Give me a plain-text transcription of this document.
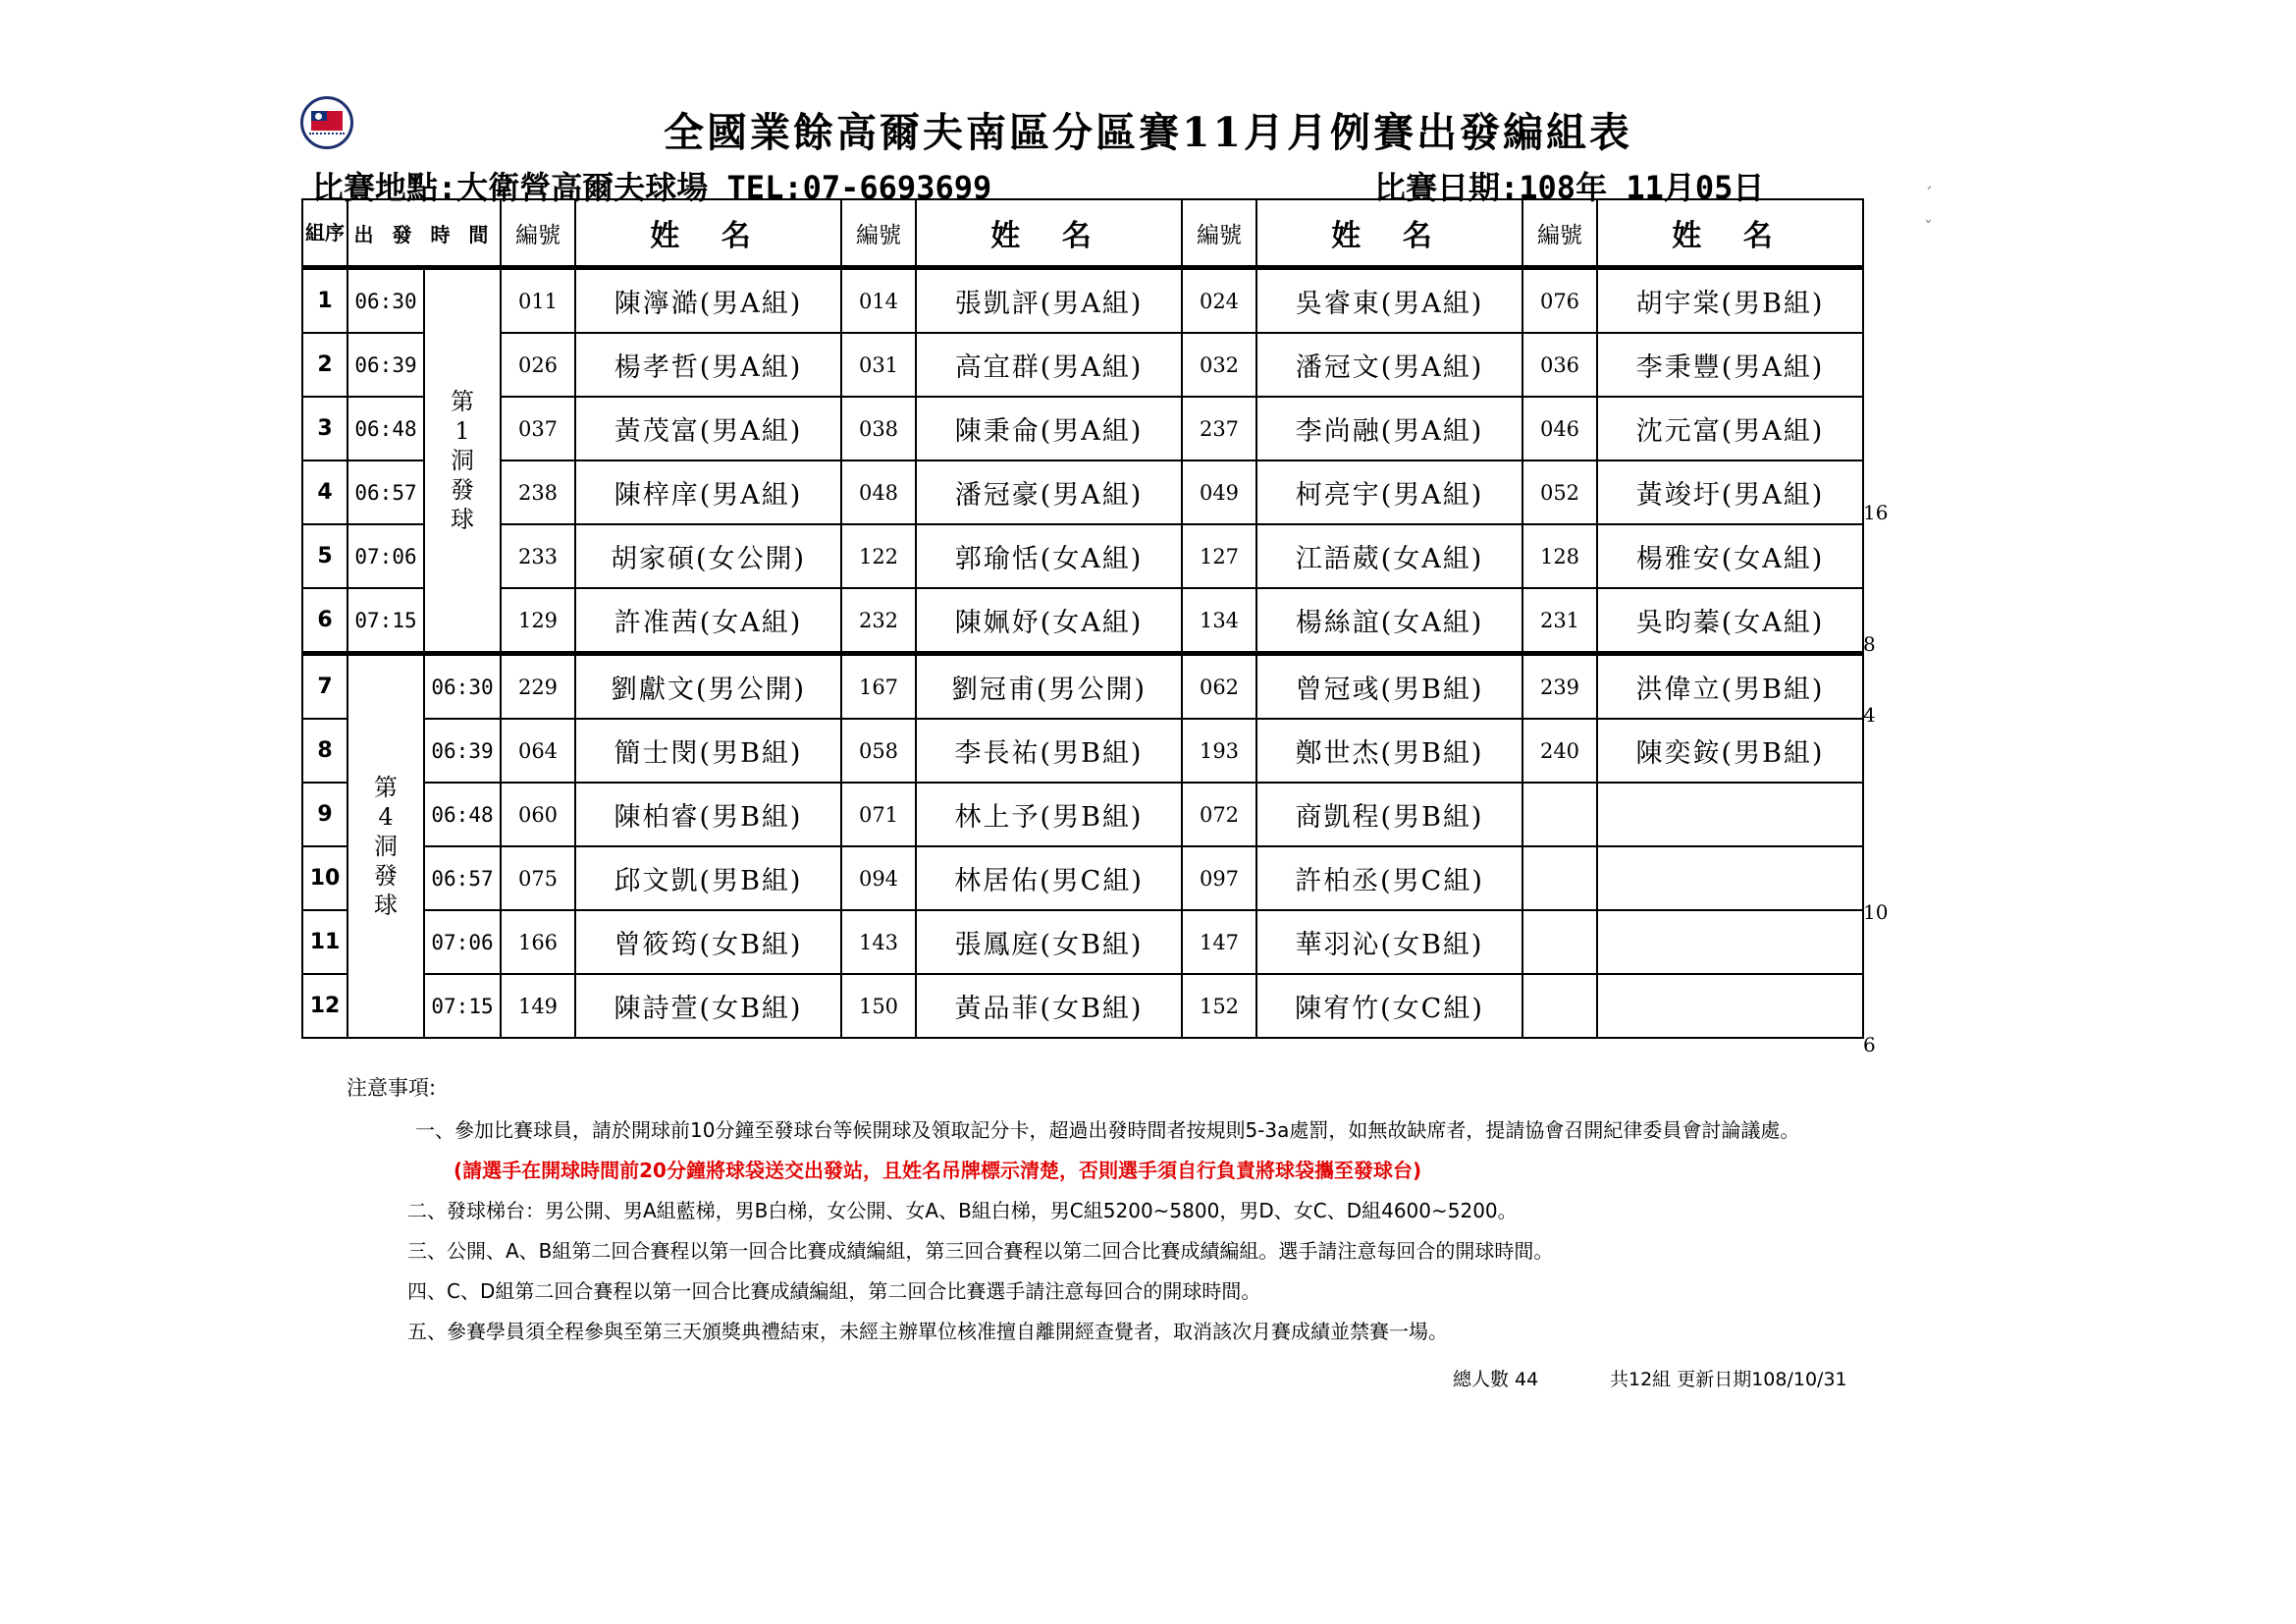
全國業餘高爾夫南區分區賽11月月例賽出發編組表
比賽地點:大衛營高爾夫球場 TEL:07-6693699	比賽日期:108年 11月05日	ˊ
ˇ
組序	出 發 時 間		編號	姓 名	編號	姓 名	編號	姓 名	編號	姓 名
1	06:30	第
1
洞
發
球	011	陳濘澔(男A組)	014	張凱評(男A組)	024	吳睿東(男A組)	076	胡宇棠(男B組)
2	06:39		026	楊孝哲(男A組)	031	高宜群(男A組)	032	潘冠文(男A組)	036	李秉豐(男A組)
3	06:48		037	黃茂富(男A組)	038	陳秉侖(男A組)	237	李尚融(男A組)	046	沈元富(男A組)
4	06:57		238	陳梓庠(男A組)	048	潘冠豪(男A組)	049	柯亮宇(男A組)	052	黃竣圩(男A組)
5	07:06		233	胡家碩(女公開)	122	郭瑜恬(女A組)	127	江語葳(女A組)	128	楊雅安(女A組)
6	07:15		129	許准茜(女A組)	232	陳姵妤(女A組)	134	楊絲誼(女A組)	231	吳昀蓁(女A組)
7	第
4
洞
發
球	06:30	229	劉獻文(男公開)	167	劉冠甫(男公開)	062	曾冠彧(男B組)	239	洪偉立(男B組)
8		06:39	064	簡士閔(男B組)	058	李長祐(男B組)	193	鄭世杰(男B組)	240	陳奕銨(男B組)
9		06:48	060	陳柏睿(男B組)	071	林上予(男B組)	072	商凱程(男B組)		
10		06:57	075	邱文凱(男B組)	094	林居佑(男C組)	097	許柏丞(男C組)		
11		07:06	166	曾筱筠(女B組)	143	張鳳庭(女B組)	147	華羽沁(女B組)		
12		07:15	149	陳詩萱(女B組)	150	黃品菲(女B組)	152	陳宥竹(女C組)		
16
8
4
10
6
注意事項:
一、參加比賽球員，請於開球前10分鐘至發球台等候開球及領取記分卡，超過出發時間者按規則5-3a處罰，如無故缺席者，提請協會召開紀律委員會討論議處。
(請選手在開球時間前20分鐘將球袋送交出發站，且姓名吊牌標示清楚，否則選手須自行負責將球袋攜至發球台)
二、發球梯台：男公開、男A組藍梯，男B白梯，女公開、女A、B組白梯，男C組5200~5800，男D、女C、D組4600~5200。
三、公開、A、B組第二回合賽程以第一回合比賽成績編組，第三回合賽程以第二回合比賽成績編組。選手請注意每回合的開球時間。
四、C、D組第二回合賽程以第一回合比賽成績編組，第二回合比賽選手請注意每回合的開球時間。
五、參賽學員須全程參與至第三天頒獎典禮結束，未經主辦單位核准擅自離開經查覺者，取消該次月賽成績並禁賽一場。
總人數 44	共12組 更新日期108/10/31
